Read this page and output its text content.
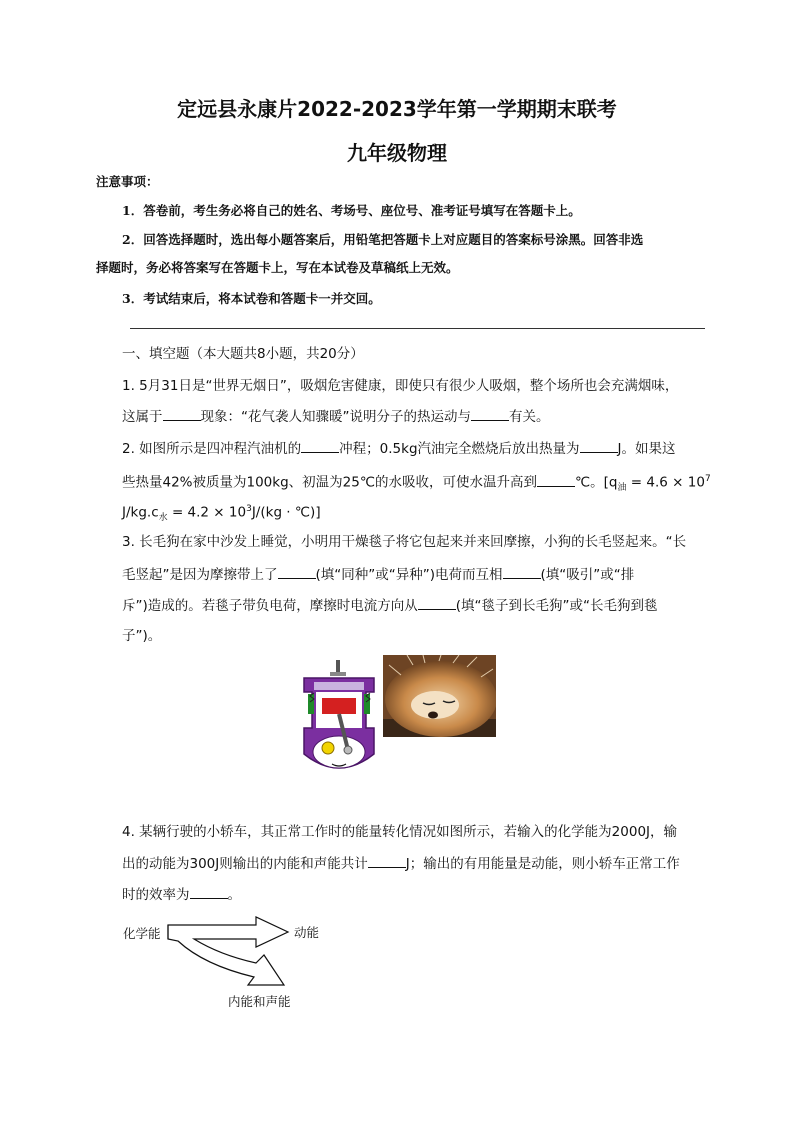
定远县永康片2022-2023学年第一学期期末联考
九年级物理
注意事项：
1．答卷前，考生务必将自己的姓名、考场号、座位号、准考证号填写在答题卡上。
2．回答选择题时，选出每小题答案后，用铅笔把答题卡上对应题目的答案标号涂黑。回答非选
择题时，务必将答案写在答题卡上，写在本试卷及草稿纸上无效。
3．考试结束后，将本试卷和答题卡一并交回。
一、填空题（本大题共8小题，共20分）
1. 5月31日是“世界无烟日”，吸烟危害健康，即使只有很少人吸烟，整个场所也会充满烟味，
这属于	现象：“花气袭人知骤暖”说明分子的热运动与	有关。
2. 如图所示是四冲程汽油机的	冲程；0.5kg汽油完全燃烧后放出热量为	J。如果这
些热量42%被质量为100kg、初温为25℃的水吸收，可使水温升高到	℃。[$q_油 = 4.6 \times 10^7$
$J/kg.c_水 = 4.2 \times 10^3J/(kg$ · ℃)]
3. 长毛狗在家中沙发上睡觉，小明用干燥毯子将它包起来并来回摩擦，小狗的长毛竖起来。“长
毛竖起”是因为摩擦带上了	(填“同种”或“异种”)电荷而互相	(填“吸引”或“排
斥”)造成的。若毯子带负电荷，摩擦时电流方向从	(填“毯子到长毛狗”或“长毛狗到毯
子”)。
4. 某辆行驶的小轿车，其正常工作时的能量转化情况如图所示，若输入的化学能为2000J，输
出的动能为300J则输出的内能和声能共计	J；输出的有用能量是动能，则小轿车正常工作
时的效率为	。
化学能	动能
内能和声能
